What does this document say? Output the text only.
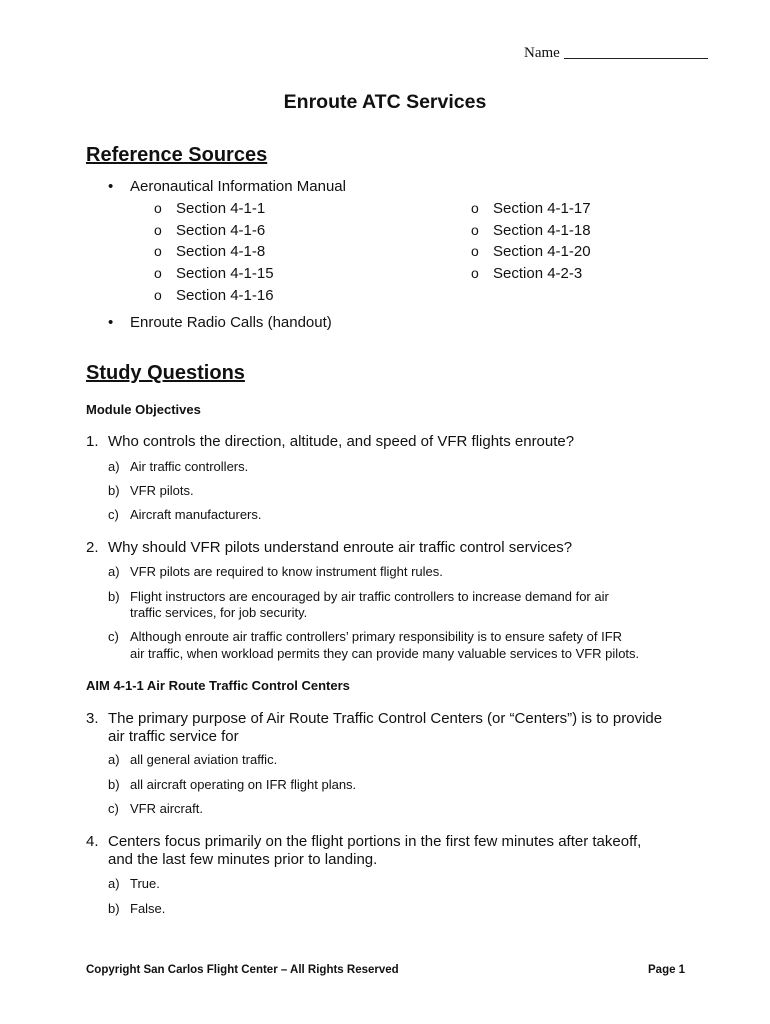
Name
Enroute ATC Services
Reference Sources
• Aeronautical Information Manual
o Section 4-1-1
o Section 4-1-6
o Section 4-1-8
o Section 4-1-15
o Section 4-1-16
o Section 4-1-17
o Section 4-1-18
o Section 4-1-20
o Section 4-2-3
• Enroute Radio Calls (handout)
Study Questions
Module Objectives
1. Who controls the direction, altitude, and speed of VFR flights enroute?
a) Air traffic controllers.
b) VFR pilots.
c) Aircraft manufacturers.
2. Why should VFR pilots understand enroute air traffic control services?
a) VFR pilots are required to know instrument flight rules.
b) Flight instructors are encouraged by air traffic controllers to increase demand for air
traffic services, for job security.
c) Although enroute air traffic controllers’ primary responsibility is to ensure safety of IFR
air traffic, when workload permits they can provide many valuable services to VFR pilots.
AIM 4-1-1 Air Route Traffic Control Centers
3. The primary purpose of Air Route Traffic Control Centers (or “Centers”) is to provide
air traffic service for
a) all general aviation traffic.
b) all aircraft operating on IFR flight plans.
c) VFR aircraft.
4. Centers focus primarily on the flight portions in the first few minutes after takeoff,
and the last few minutes prior to landing.
a) True.
b) False.
Copyright San Carlos Flight Center – All Rights Reserved	Page 1
